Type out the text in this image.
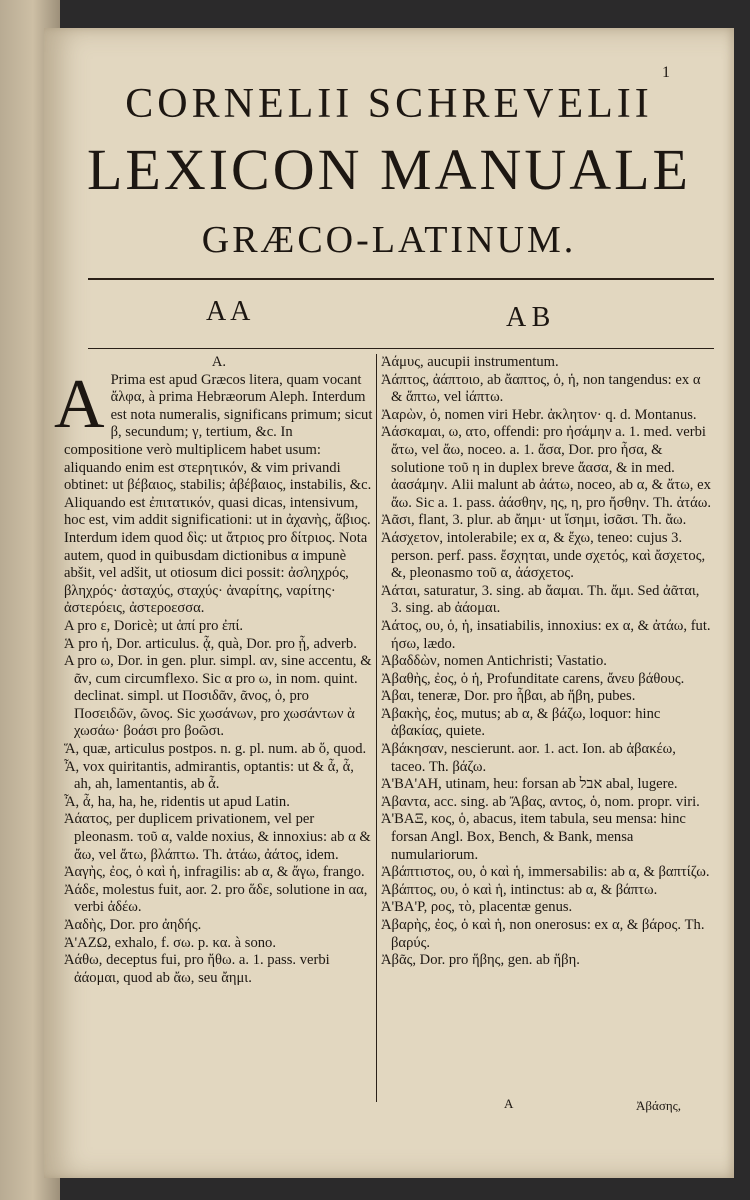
1
CORNELII SCHREVELII
LEXICON MANUALE
GRÆCO-LATINUM.
A A	A B

A.

A Prima est apud Græcos litera, quam vocant ἄλφα, à prima Hebræorum Aleph. Interdum est nota numeralis, significans primum; sicut β, secundum; γ, tertium, &c. In compositione verò multiplicem habet usum: aliquando enim est στερητικόν, & vim privandi obtinet: ut βέβαιος, stabilis; ἀβέβαιος, instabilis, &c. Aliquando est ἐπιτατικόν, quasi dicas, intensivum, hoc est, vim addit significationi: ut in ἀχανὴς, ἄβιος. Interdum idem quod δὶς: ut ἄτριος pro δίτριος. Nota autem, quod in quibusdam dictionibus α impunè abšit, vel adšit, ut otiosum dici possit: ἀσληχρός, βληχρός· ἀσταχύς, σταχύς· ἀναρίτης, ναρίτης· ἀστερόεις, ἀστεροεσσα.

Α pro ε, Doricè; ut ἁπί pro ἐπί.

Ἁ pro ἡ, Dor. articulus. ᾇ, quà, Dor. pro ᾗ, adverb.

Α pro ω, Dor. in gen. plur. simpl. αν, sine accentu, & ᾶν, cum circumflexo. Sic α pro ω, in nom. quint. declinat. simpl. ut Ποσιδᾶν, ᾶνος, ὁ, pro Ποσειδῶν, ῶνος. Sic χωσάνων, pro χωσάντων ὰ χωσάω· βοάσι pro βοῶσι.

Ἅ, quæ, articulus postpos. n. g. pl. num. ab ὅ, quod.

Ἆ, vox quiritantis, admirantis, optantis: ut & ἆ, ἆ, ah, ah, lamentantis, ab ἆ.

Ἆ, ἆ, ha, ha, he, ridentis ut apud Latin.

Ἀάατος, per duplicem privationem, vel per pleonasm. τοῦ α, valde noxius, & innoxius: ab α & ἄω, vel ἄτω, βλάπτω. Th. ἀτάω, ἀάτος, idem.

Ἀαγὴς, ἐος, ὁ καὶ ἡ, infragilis: ab α, & ἄγω, frango.

Ἀάδε, molestus fuit, aor. 2. pro ἅδε, solutione in αα, verbi ἀδέω.

Ἀαδὴς, Dor. pro ἀηδής.

Ἀ'ΑΖΩ, exhalo, f. σω. p. κα. à sono.

Ἀάθω, deceptus fui, pro ἤθω. a. 1. pass. verbi ἀάομαι, quod ab ἄω, seu ἄημι.

Ἀάμυς, aucupii instrumentum.

Ἀάπτος, ἀάπτοιο, ab ἄαπτος, ὁ, ἡ, non tangendus: ex α & ἅπτω, vel ἰάπτω.

Ἀαρὼν, ὁ, nomen viri Hebr. ἀκλητον· q. d. Montanus.

Ἀάσκαμαι, ω, ατο, offendi: pro ἠσάμην a. 1. med. verbi ἄτω, vel ἄω, noceo. a. 1. ἄσα, Dor. pro ἦσα, & solutione τοῦ η in duplex breve ἄασα, & in med. ἀασάμην. Alii malunt ab ἀάτω, noceo, ab α, & ἄτω, ex ἄω. Sic a. 1. pass. ἀάσθην, ης, η, pro ἤσθην. Th. ἀτάω.

Ἀᾶσι, flant, 3. plur. ab ἄημι· ut ἴσημι, ἰσᾶσι. Th. ἄω.

Ἀάσχετον, intolerabile; ex α, & ἔχω, teneo: cujus 3. person. perf. pass. ἔσχηται, unde σχετός, καὶ ἄσχετος, &, pleonasmo τοῦ α, ἀάσχετος.

Ἀάται, saturatur, 3. sing. ab ἄαμαι. Th. ἄμι. Sed ἀᾶται, 3. sing. ab ἀάομαι.

Ἀάτος, ου, ὁ, ἡ, insatiabilis, innoxius: ex α, & ἀτάω, fut. ήσω, lædo.

Ἀβαδδὼν, nomen Antichristi; Vastatio.

Ἀβαθὴς, ἐος, ὁ ἡ, Profunditate carens, ἄνευ βάθους.

Ἀβαι, teneræ, Dor. pro ἧβαι, ab ἥβη, pubes.

Ἀβακὴς, ἐος, mutus; ab α, & βάζω, loquor: hinc ἀβακίας, quiete.

Ἀβάκησαν, nescierunt. aor. 1. act. Ion. ab ἀβακέω, taceo. Th. βάζω.

Ἀ'ΒΑ'ΑΗ, utinam, heu: forsan ab אבל abal, lugere.

Ἀβαντα, acc. sing. ab Ἄβας, αντος, ὁ, nom. propr. viri.

Ἀ'ΒΑΞ, κος, ὁ, abacus, item tabula, seu mensa: hinc forsan Angl. Box, Bench, & Bank, mensa numulariorum.

Ἀβάπτιστος, ου, ὁ καὶ ἡ, immersabilis: ab α, & βαπτίζω.

Ἀβάπτος, ου, ὁ καὶ ἡ, intinctus: ab α, & βάπτω.

Ἀ'ΒΑ'Ρ, ρος, τὸ, placentæ genus.

Ἀβαρὴς, ἐος, ὁ καὶ ἡ, non onerosus: ex α, & βάρος. Th. βαρύς.

Ἀβᾶς, Dor. pro ἥβης, gen. ab ἥβη.

A	Ἀβάσης,
